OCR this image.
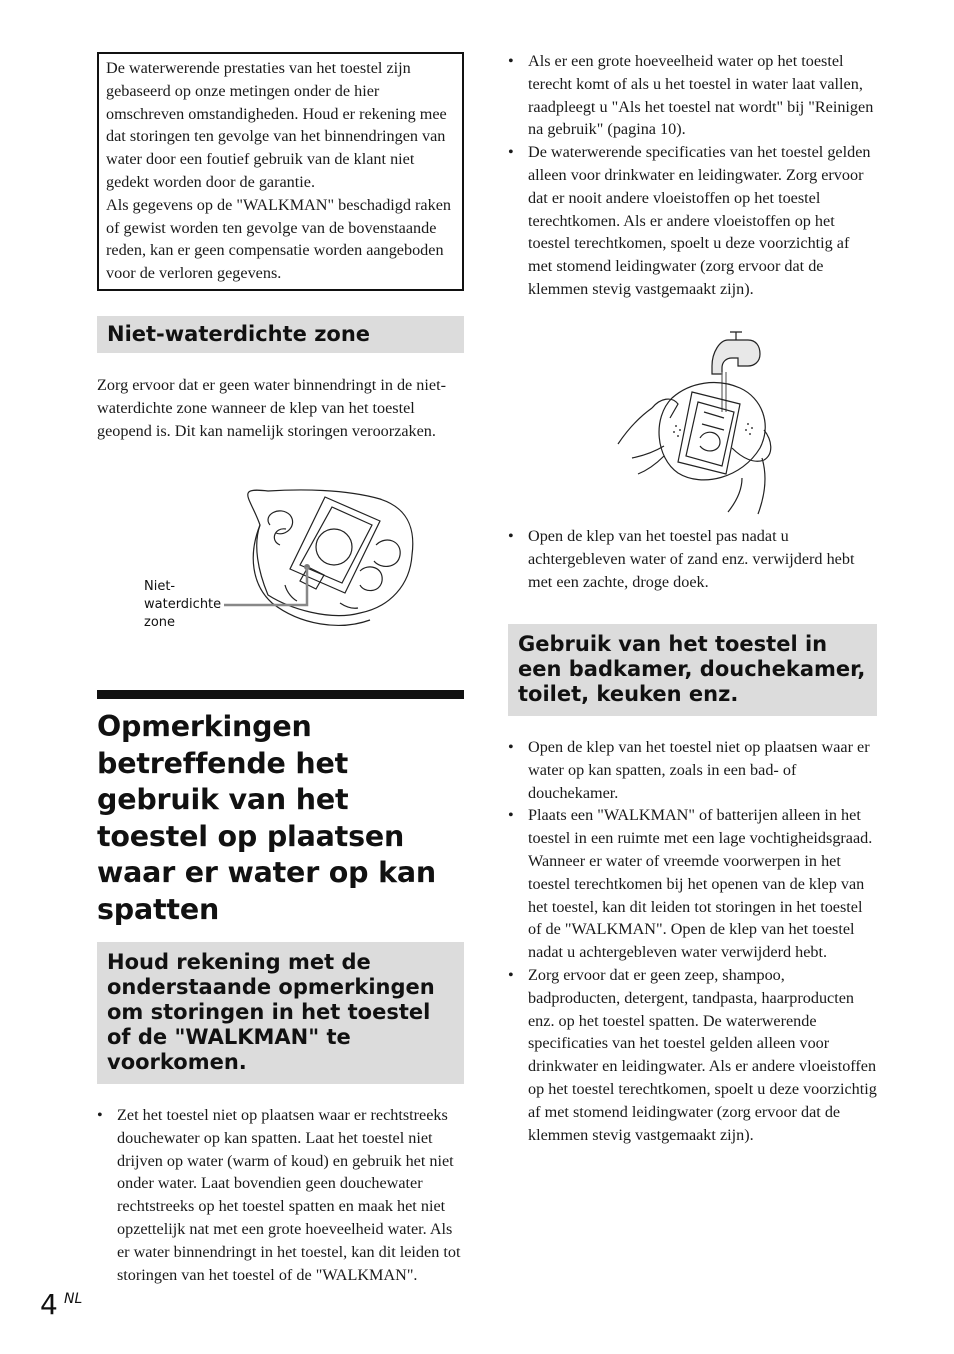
De waterwerende prestaties van het toestel zijn gebaseerd op onze metingen onder de hier omschreven omstandigheden. Houd er rekening mee dat storingen ten gevolge van het binnendringen van water door een foutief gebruik van de klant niet gedekt worden door de garantie.

Als gegevens op de "WALKMAN" beschadigd raken of gewist worden ten gevolge van de bovenstaande reden, kan er geen compensatie worden aangeboden voor de verloren gegevens.

Niet-waterdichte zone

Zorg ervoor dat er geen water binnendringt in de niet-waterdichte zone wanneer de klep van het toestel geopend is. Dit kan namelijk storingen veroorzaken.

Niet-
waterdichte
zone
Opmerkingen betreffende het gebruik van het toestel op plaatsen waar er water op kan spatten
Houd rekening met de onderstaande opmerkingen om storingen in het toestel of de "WALKMAN" te voorkomen.
• Zet het toestel niet op plaatsen waar er rechtstreeks douchewater op kan spatten. Laat het toestel niet drijven op water (warm of koud) en gebruik het niet onder water. Laat bovendien geen douchewater rechtstreeks op het toestel spatten en maak het niet opzettelijk nat met een grote hoeveelheid water. Als er water binnendringt in het toestel, kan dit leiden tot storingen van het toestel of de "WALKMAN".
• Als er een grote hoeveelheid water op het toestel terecht komt of als u het toestel in water laat vallen, raadpleegt u "Als het toestel nat wordt" bij "Reinigen na gebruik" (pagina 10).
• De waterwerende specificaties van het toestel gelden alleen voor drinkwater en leidingwater. Zorg ervoor dat er nooit andere vloeistoffen op het toestel terechtkomen. Als er andere vloeistoffen op het toestel terechtkomen, spoelt u deze voorzichtig af met stomend leidingwater (zorg ervoor dat de klemmen stevig vastgemaakt zijn).
• Open de klep van het toestel pas nadat u achtergebleven water of zand enz. verwijderd hebt met een zachte, droge doek.
Gebruik van het toestel in een badkamer, douchekamer, toilet, keuken enz.
• Open de klep van het toestel niet op plaatsen waar er water op kan spatten, zoals in een bad- of douchekamer.
• Plaats een "WALKMAN" of batterijen alleen in het toestel in een ruimte met een lage vochtigheidsgraad. Wanneer er water of vreemde voorwerpen in het toestel terechtkomen bij het openen van de klep van het toestel, kan dit leiden tot storingen in het toestel of de "WALKMAN". Open de klep van het toestel nadat u achtergebleven water verwijderd hebt.
• Zorg ervoor dat er geen zeep, shampoo, badproducten, detergent, tandpasta, haarproducten enz. op het toestel spatten. De waterwerende specificaties van het toestel gelden alleen voor drinkwater en leidingwater. Als er andere vloeistoffen op het toestel terechtkomen, spoelt u deze voorzichtig af met stomend leidingwater (zorg ervoor dat de klemmen stevig vastgemaakt zijn).
4 NL
